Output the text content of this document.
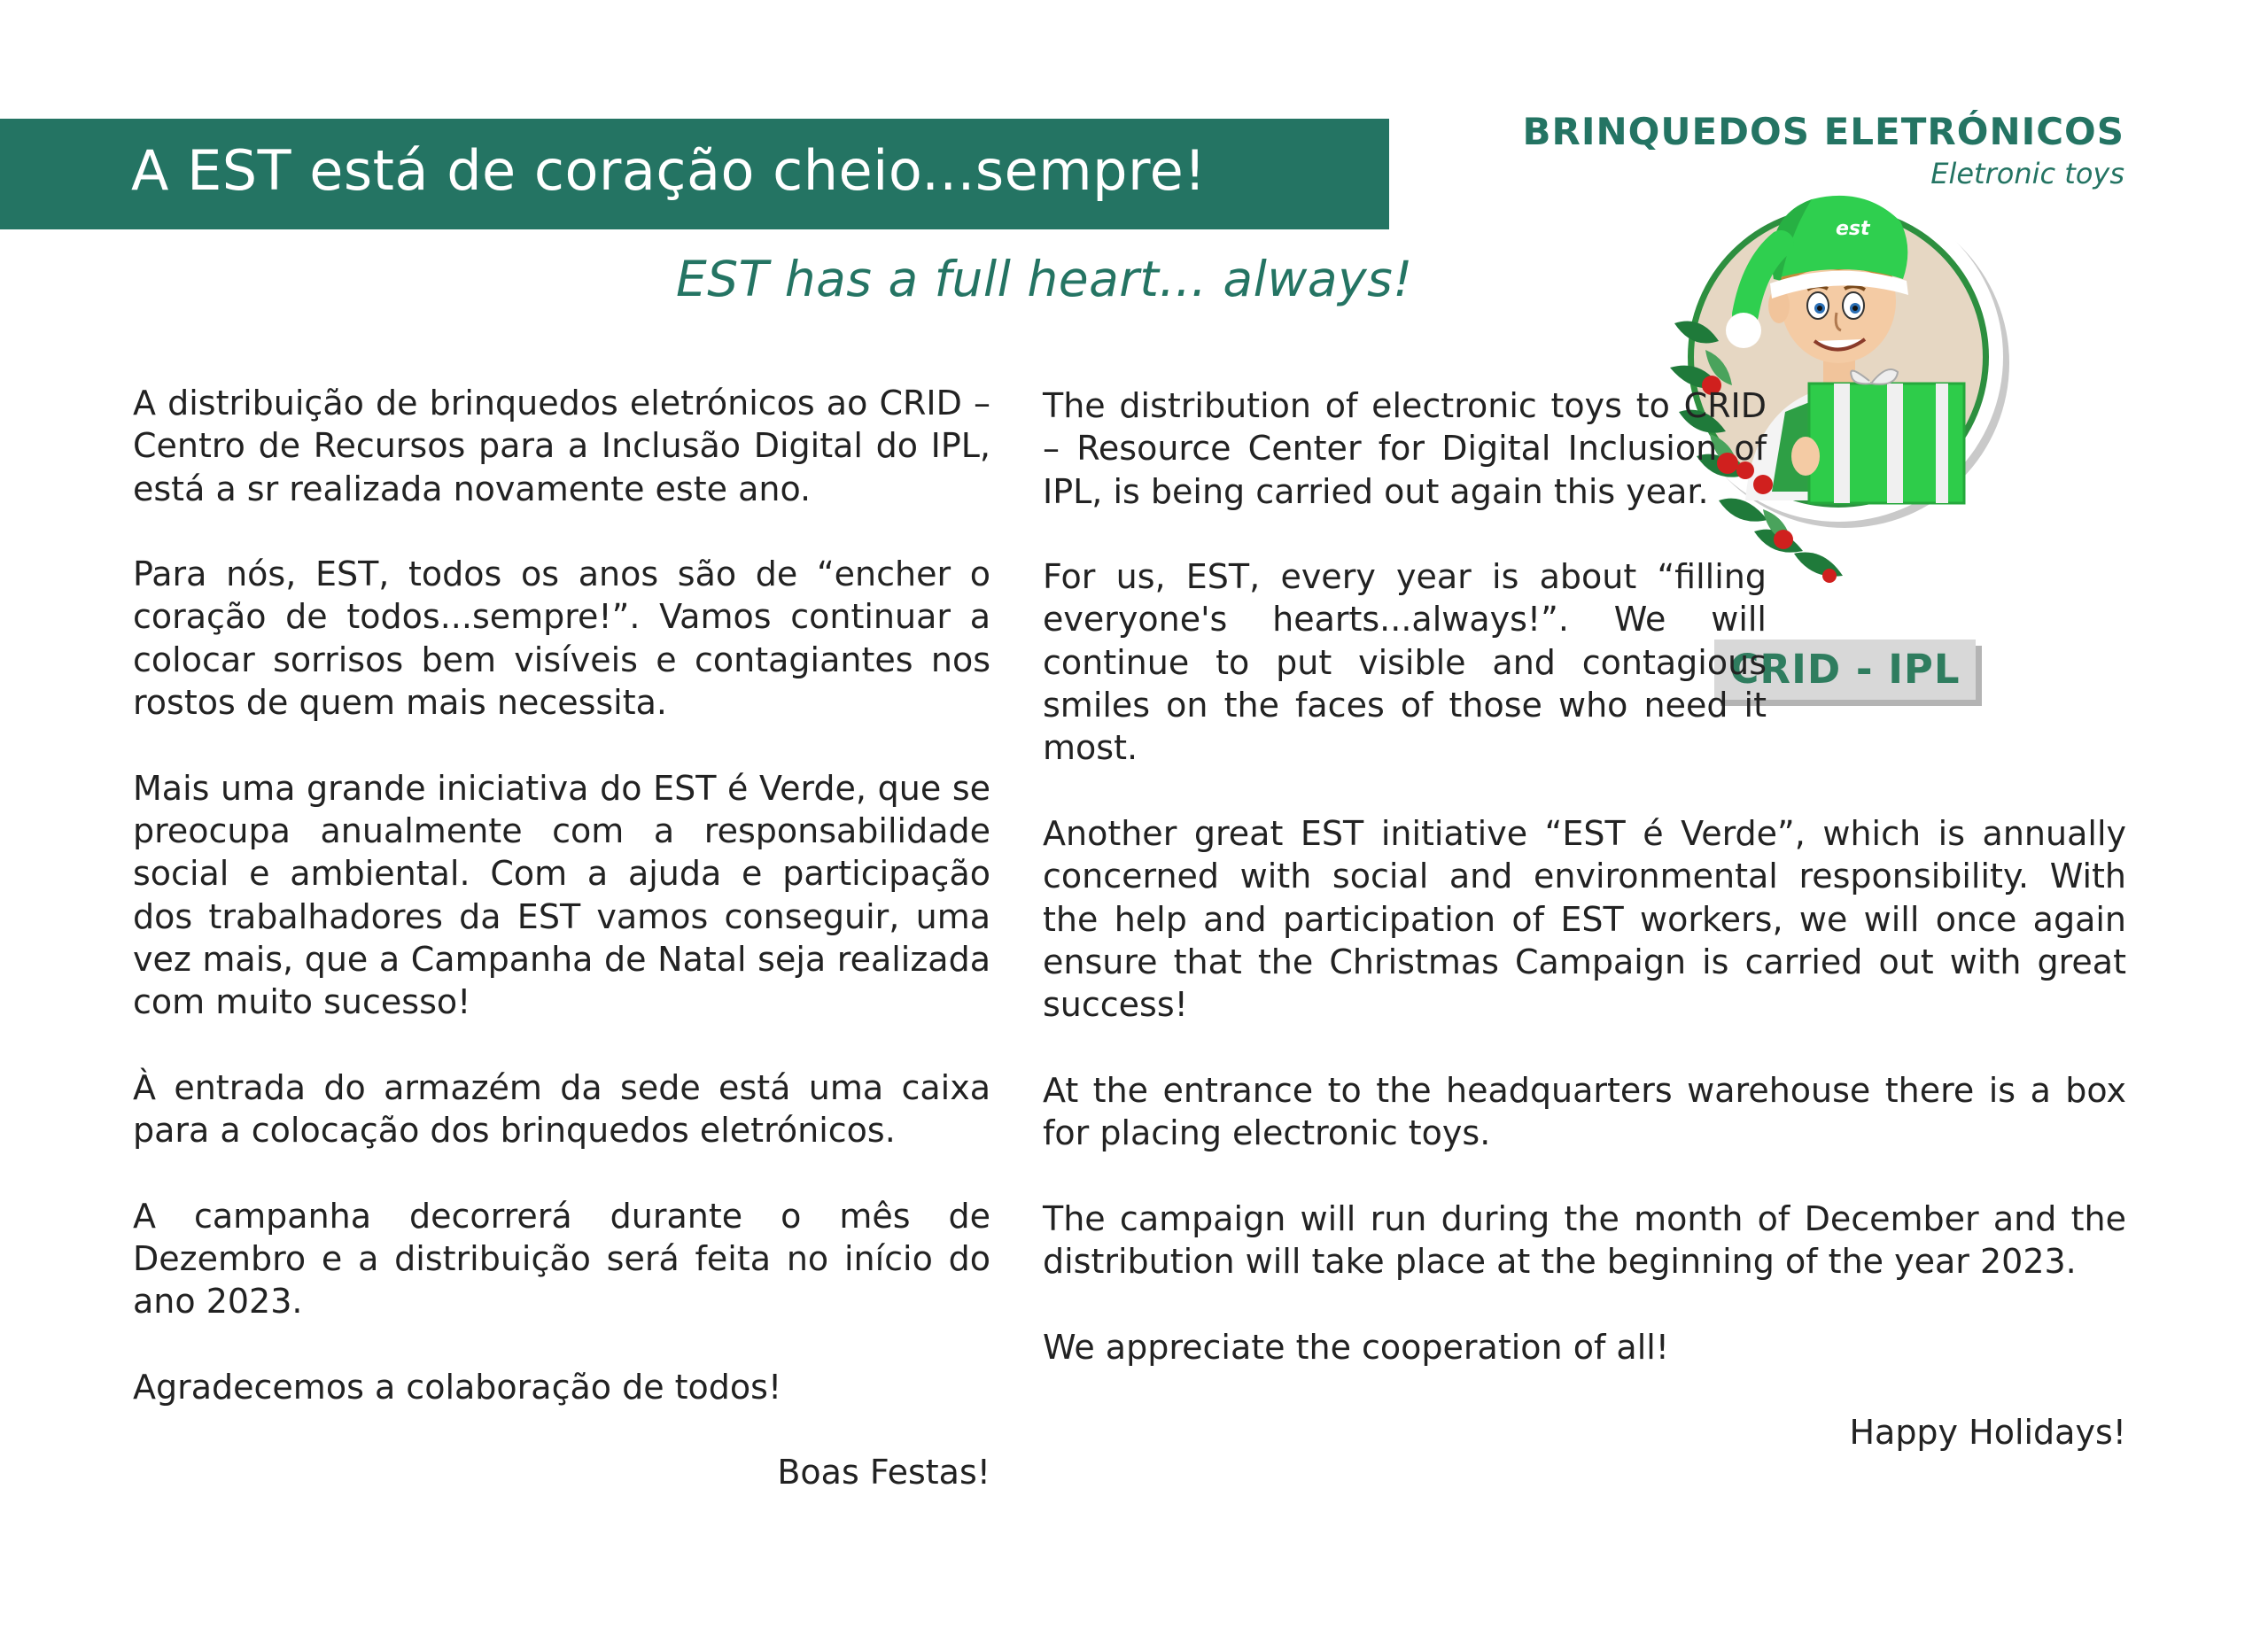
A EST está de coração cheio...sempre!
EST has a full heart... always!
BRINQUEDOS ELETRÓNICOS
Eletronic toys
est
CRID - IPL

A distribuição de brinquedos eletrónicos ao CRID – Centro de Recursos para a Inclusão Digital do IPL, está a sr realizada novamente este ano.

Para nós, EST, todos os anos são de “encher o coração de todos...sempre!”. Vamos continuar a colocar sorrisos bem visíveis e contagiantes nos rostos de quem mais necessita.

Mais uma grande iniciativa do EST é Verde, que se preocupa anualmente com a responsabilidade social e ambiental. Com a ajuda e participação dos trabalhadores da EST vamos conseguir, uma vez mais, que a Campanha de Natal seja realizada com muito sucesso!

À entrada do armazém da sede está uma caixa para a colocação dos brinquedos eletrónicos.

A campanha decorrerá durante o mês de Dezembro e a distribuição será feita no início do ano 2023.

Agradecemos a colaboração de todos!

Boas Festas!

The distribution of electronic toys to CRID – Resource Center for Digital Inclusion of IPL, is being carried out again this year.

For us, EST, every year is about “filling everyone's hearts...always!”. We will continue to put visible and contagious smiles on the faces of those who need it most.

Another great EST initiative “EST é Verde”, which is annually concerned with social and environmental responsibility. With the help and participation of EST workers, we will once again ensure that the Christmas Campaign is carried out with great success!

At the entrance to the headquarters warehouse there is a box for placing electronic toys.

The campaign will run during the month of December and the distribution will take place at the beginning of the year 2023.

We appreciate the cooperation of all!

Happy Holidays!
